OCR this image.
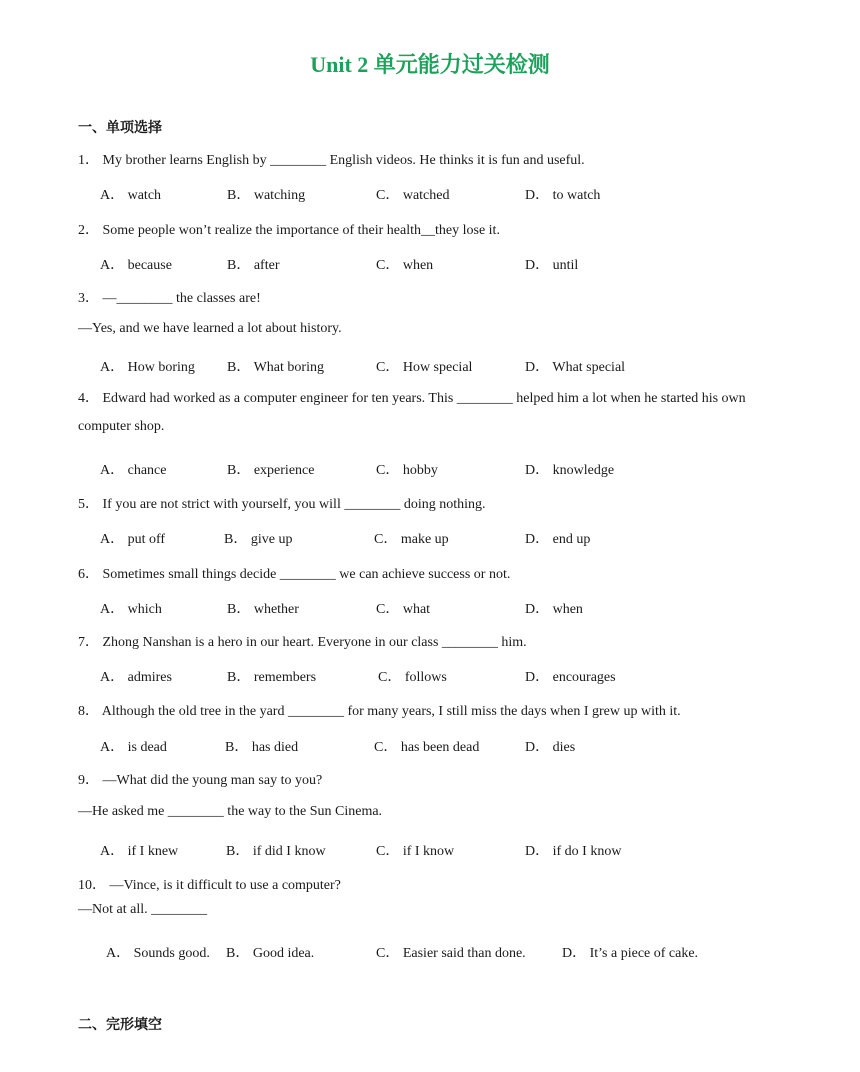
Unit 2 单元能力过关检测
一、单项选择
1． My brother learns English by ________ English videos. He thinks it is fun and useful.
A． watch	B． watching	C． watched	D． to watch
2． Some people won’t realize the importance of their health__they lose it.
A． because	B． after	C． when	D． until
3． —________ the classes are!
—Yes, and we have learned a lot about history.
A． How boring B． What boring	C． How special	D． What special
4． Edward had worked as a computer engineer for ten years. This ________ helped him a lot when he started his own computer shop.
A． chance	B． experience	C． hobby	D． knowledge
5． If you are not strict with yourself, you will ________ doing nothing.
A． put off	B． give up	C． make up	D． end up
6． Sometimes small things decide ________ we can achieve success or not.
A． which	B． whether	C． what	D． when
7． Zhong Nanshan is a hero in our heart. Everyone in our class ________ him.
A． admires	B． remembers	C． follows	D． encourages
8． Although the old tree in the yard ________ for many years, I still miss the days when I grew up with it.
A． is dead	B． has died	C． has been dead	D． dies
9． —What did the young man say to you?
—He asked me ________ the way to the Sun Cinema.
A． if I knew	B． if did I know	C． if I know	D． if do I know
10． —Vince, is it difficult to use a computer?
—Not at all. ________
A． Sounds good. B． Good idea.	C． Easier said than done.	D． It’s a piece of cake.
二、完形填空
